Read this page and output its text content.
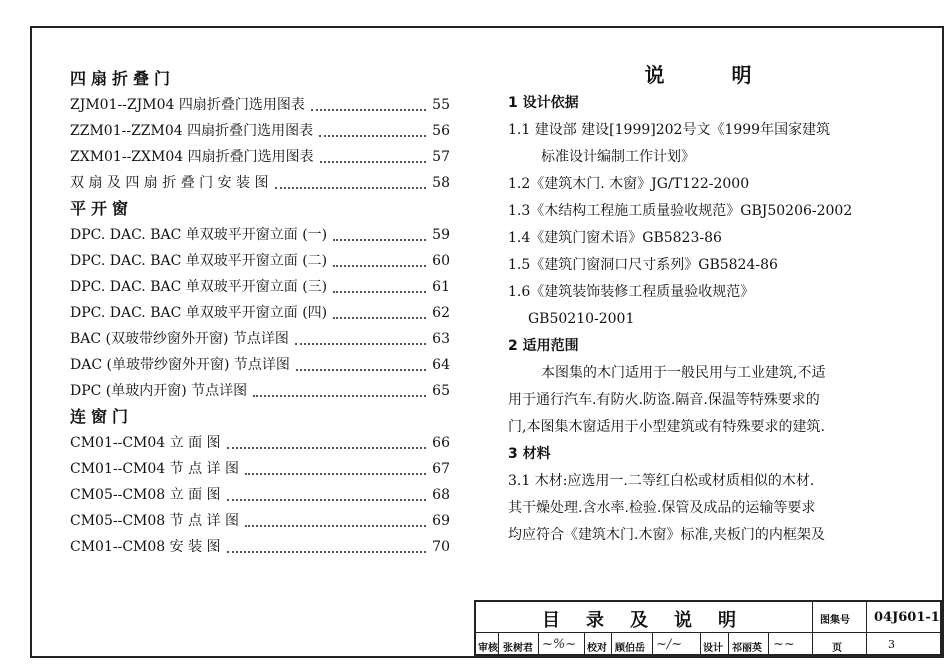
四扇折叠门
ZJM01--ZJM04 四扇折叠门选用图表	55
ZZM01--ZZM04 四扇折叠门选用图表	56
ZXM01--ZXM04 四扇折叠门选用图表	57
双 扇 及 四 扇 折 叠 门 安 装 图	58
平开窗
DPC. DAC. BAC 单双玻平开窗立面 (一)	59
DPC. DAC. BAC 单双玻平开窗立面 (二)	60
DPC. DAC. BAC 单双玻平开窗立面 (三)	61
DPC. DAC. BAC 单双玻平开窗立面 (四)	62
BAC (双玻带纱窗外开窗) 节点详图	63
DAC (单玻带纱窗外开窗) 节点详图	64
DPC (单玻内开窗) 节点详图	65
连窗门
CM01--CM04 立 面 图	66
CM01--CM04 节 点 详 图	67
CM05--CM08 立 面 图	68
CM05--CM08 节 点 详 图	69
CM01--CM08 安 装 图	70
说 明
1 设计依据
1.1 建设部 建设[1999]202号文《1999年国家建筑
标准设计编制工作计划》
1.2《建筑木门. 木窗》JG/T122-2000
1.3《木结构工程施工质量验收规范》GBJ50206-2002
1.4《建筑门窗术语》GB5823-86
1.5《建筑门窗洞口尺寸系列》GB5824-86
1.6《建筑装饰装修工程质量验收规范》
GB50210-2001
2 适用范围
本图集的木门适用于一般民用与工业建筑,不适
用于通行汽车.有防火.防盗.隔音.保温等特殊要求的
门,本图集木窗适用于小型建筑或有特殊要求的建筑.
3 材料
3.1 木材:应选用一.二等红白松或材质相似的木材.
其干燥处理.含水率.检验.保管及成品的运输等要求
均应符合《建筑木门.木窗》标准,夹板门的内框架及
目录及说明	图集号 04J601-1
页	3
审核 张树君 ~%~ 校对 顾伯岳 ~/~ 设计 祁丽英 ~~
